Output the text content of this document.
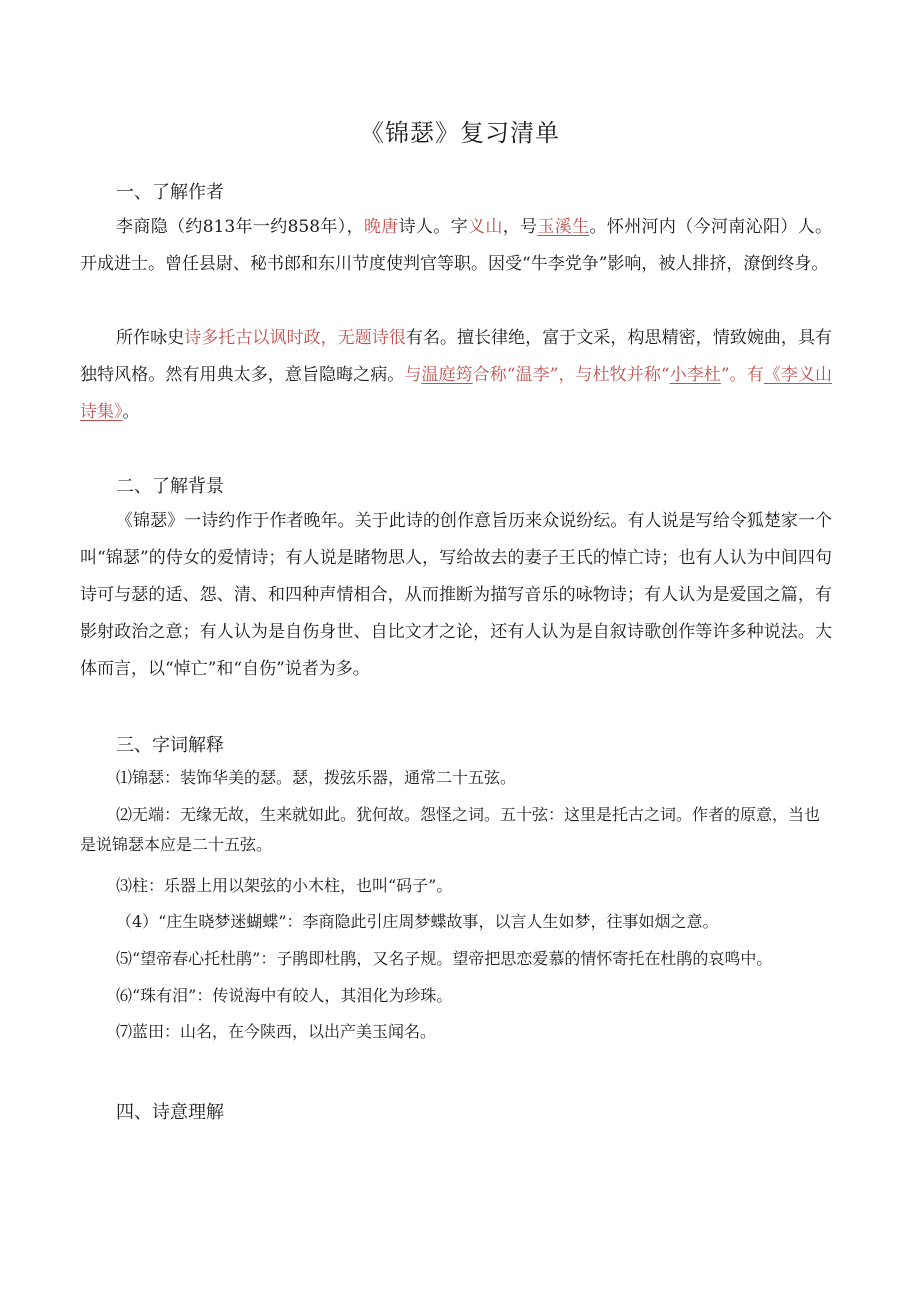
《锦瑟》复习清单
一、了解作者
李商隐（约813年一约858年），晚唐诗人。字义山，号玉溪生。怀州河内（今河南沁阳）人。开成进士。曾任县尉、秘书郎和东川节度使判官等职。因受“牛李党争”影响，被人排挤，潦倒终身。
所作咏史诗多托古以讽时政，无题诗很有名。擅长律绝，富于文采，构思精密，情致婉曲，具有独特风格。然有用典太多，意旨隐晦之病。与温庭筠合称“温李”，与杜牧并称“小李杜”。有《李义山诗集》。
二、了解背景
《锦瑟》一诗约作于作者晚年。关于此诗的创作意旨历来众说纷纭。有人说是写给令狐楚家一个叫“锦瑟”的侍女的爱情诗；有人说是睹物思人，写给故去的妻子王氏的悼亡诗；也有人认为中间四句诗可与瑟的适、怨、清、和四种声情相合，从而推断为描写音乐的咏物诗；有人认为是爱国之篇，有影射政治之意；有人认为是自伤身世、自比文才之论，还有人认为是自叙诗歌创作等许多种说法。大体而言，以“悼亡”和“自伤”说者为多。
三、字词解释
⑴锦瑟：装饰华美的瑟。瑟，拨弦乐器，通常二十五弦。
⑵无端：无缘无故，生来就如此。犹何故。怨怪之词。五十弦：这里是托古之词。作者的原意，当也是说锦瑟本应是二十五弦。
⑶柱：乐器上用以架弦的小木柱，也叫“码子”。
（4）“庄生晓梦迷蝴蝶”：李商隐此引庄周梦蝶故事，以言人生如梦，往事如烟之意。
⑸“望帝春心托杜鹃”：子鹃即杜鹃，又名子规。望帝把思恋爱慕的情怀寄托在杜鹃的哀鸣中。
⑹“珠有泪”：传说海中有皎人，其泪化为珍珠。
⑺蓝田：山名，在今陕西，以出产美玉闻名。
四、诗意理解
